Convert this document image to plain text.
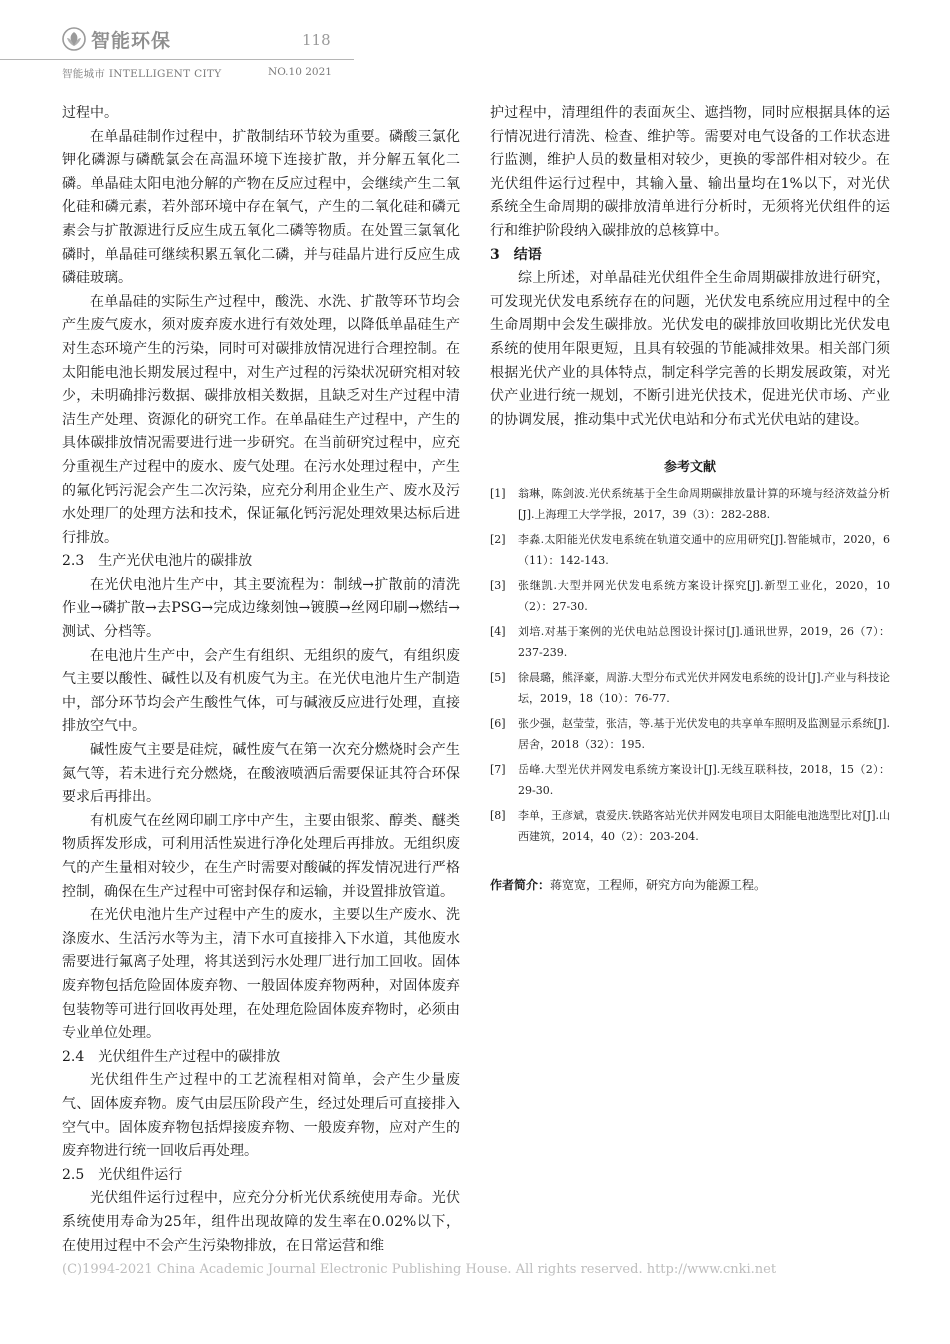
智能环保	118
智能城市 INTELLIGENT CITY	NO.10 2021

过程中。

在单晶硅制作过程中，扩散制结环节较为重要。磷酸三氯化钾化磷源与磷酰氯会在高温环境下连接扩散，并分解五氧化二磷。单晶硅太阳电池分解的产物在反应过程中，会继续产生二氧化硅和磷元素，若外部环境中存在氧气，产生的二氧化硅和磷元素会与扩散源进行反应生成五氧化二磷等物质。在处置三氯氧化磷时，单晶硅可继续积累五氧化二磷，并与硅晶片进行反应生成磷硅玻璃。

在单晶硅的实际生产过程中，酸洗、水洗、扩散等环节均会产生废气废水，须对废弃废水进行有效处理，以降低单晶硅生产对生态环境产生的污染，同时可对碳排放情况进行合理控制。在太阳能电池长期发展过程中，对生产过程的污染状况研究相对较少，未明确排污数据、碳排放相关数据，且缺乏对生产过程中清洁生产处理、资源化的研究工作。在单晶硅生产过程中，产生的具体碳排放情况需要进行进一步研究。在当前研究过程中，应充分重视生产过程中的废水、废气处理。在污水处理过程中，产生的氟化钙污泥会产生二次污染，应充分利用企业生产、废水及污水处理厂的处理方法和技术，保证氟化钙污泥处理效果达标后进行排放。

2.3　生产光伏电池片的碳排放

在光伏电池片生产中，其主要流程为：制绒→扩散前的清洗作业→磷扩散→去PSG→完成边缘刻蚀→镀膜→丝网印刷→燃结→测试、分档等。

在电池片生产中，会产生有组织、无组织的废气，有组织废气主要以酸性、碱性以及有机废气为主。在光伏电池片生产制造中，部分环节均会产生酸性气体，可与碱液反应进行处理，直接排放空气中。

碱性废气主要是硅烷，碱性废气在第一次充分燃烧时会产生氮气等，若未进行充分燃烧，在酸液喷洒后需要保证其符合环保要求后再排出。

有机废气在丝网印刷工序中产生，主要由银浆、醇类、醚类物质挥发形成，可利用活性炭进行净化处理后再排放。无组织废气的产生量相对较少，在生产时需要对酸碱的挥发情况进行严格控制，确保在生产过程中可密封保存和运输，并设置排放管道。

在光伏电池片生产过程中产生的废水，主要以生产废水、洗涤废水、生活污水等为主，清下水可直接排入下水道，其他废水需要进行氟离子处理，将其送到污水处理厂进行加工回收。固体废弃物包括危险固体废弃物、一般固体废弃物两种，对固体废弃包装物等可进行回收再处理，在处理危险固体废弃物时，必须由专业单位处理。

2.4　光伏组件生产过程中的碳排放

光伏组件生产过程中的工艺流程相对简单，会产生少量废气、固体废弃物。废气由层压阶段产生，经过处理后可直接排入空气中。固体废弃物包括焊接废弃物、一般废弃物，应对产生的废弃物进行统一回收后再处理。

2.5　光伏组件运行

光伏组件运行过程中，应充分分析光伏系统使用寿命。光伏系统使用寿命为25年，组件出现故障的发生率在0.02%以下，在使用过程中不会产生污染物排放，在日常运营和维

护过程中，清理组件的表面灰尘、遮挡物，同时应根据具体的运行情况进行清洗、检查、维护等。需要对电气设备的工作状态进行监测，维护人员的数量相对较少，更换的零部件相对较少。在光伏组件运行过程中，其输入量、输出量均在1%以下，对光伏系统全生命周期的碳排放清单进行分析时，无须将光伏组件的运行和维护阶段纳入碳排放的总核算中。

3　结语

综上所述，对单晶硅光伏组件全生命周期碳排放进行研究，可发现光伏发电系统存在的问题，光伏发电系统应用过程中的全生命周期中会发生碳排放。光伏发电的碳排放回收期比光伏发电系统的使用年限更短，且具有较强的节能减排效果。相关部门须根据光伏产业的具体特点，制定科学完善的长期发展政策，对光伏产业进行统一规划，不断引进光伏技术，促进光伏市场、产业的协调发展，推动集中式光伏电站和分布式光伏电站的建设。

参考文献
[1] 翁琳，陈剑波.光伏系统基于全生命周期碳排放量计算的环境与经济效益分析[J].上海理工大学学报，2017，39（3）：282-288.
[2] 李淼.太阳能光伏发电系统在轨道交通中的应用研究[J].智能城市，2020，6（11）：142-143.
[3] 张继凯.大型并网光伏发电系统方案设计探究[J].新型工业化，2020，10（2）：27-30.
[4] 刘培.对基于案例的光伏电站总图设计探讨[J].通讯世界，2019，26（7）：237-239.
[5] 徐晨璐，熊泽豪，周游.大型分布式光伏并网发电系统的设计[J].产业与科技论坛，2019，18（10）：76-77.
[6] 张少强，赵莹莹，张洁，等.基于光伏发电的共享单车照明及监测显示系统[J].居舍，2018（32）：195.
[7] 岳峰.大型光伏并网发电系统方案设计[J].无线互联科技，2018，15（2）：29-30.
[8] 李单，王彦斌，袁爱庆.铁路客站光伏并网发电项目太阳能电池选型比对[J].山西建筑，2014，40（2）：203-204.
作者简介：蒋宽宽，工程师，研究方向为能源工程。
(C)1994-2021 China Academic Journal Electronic Publishing House. All rights reserved. http://www.cnki.net
